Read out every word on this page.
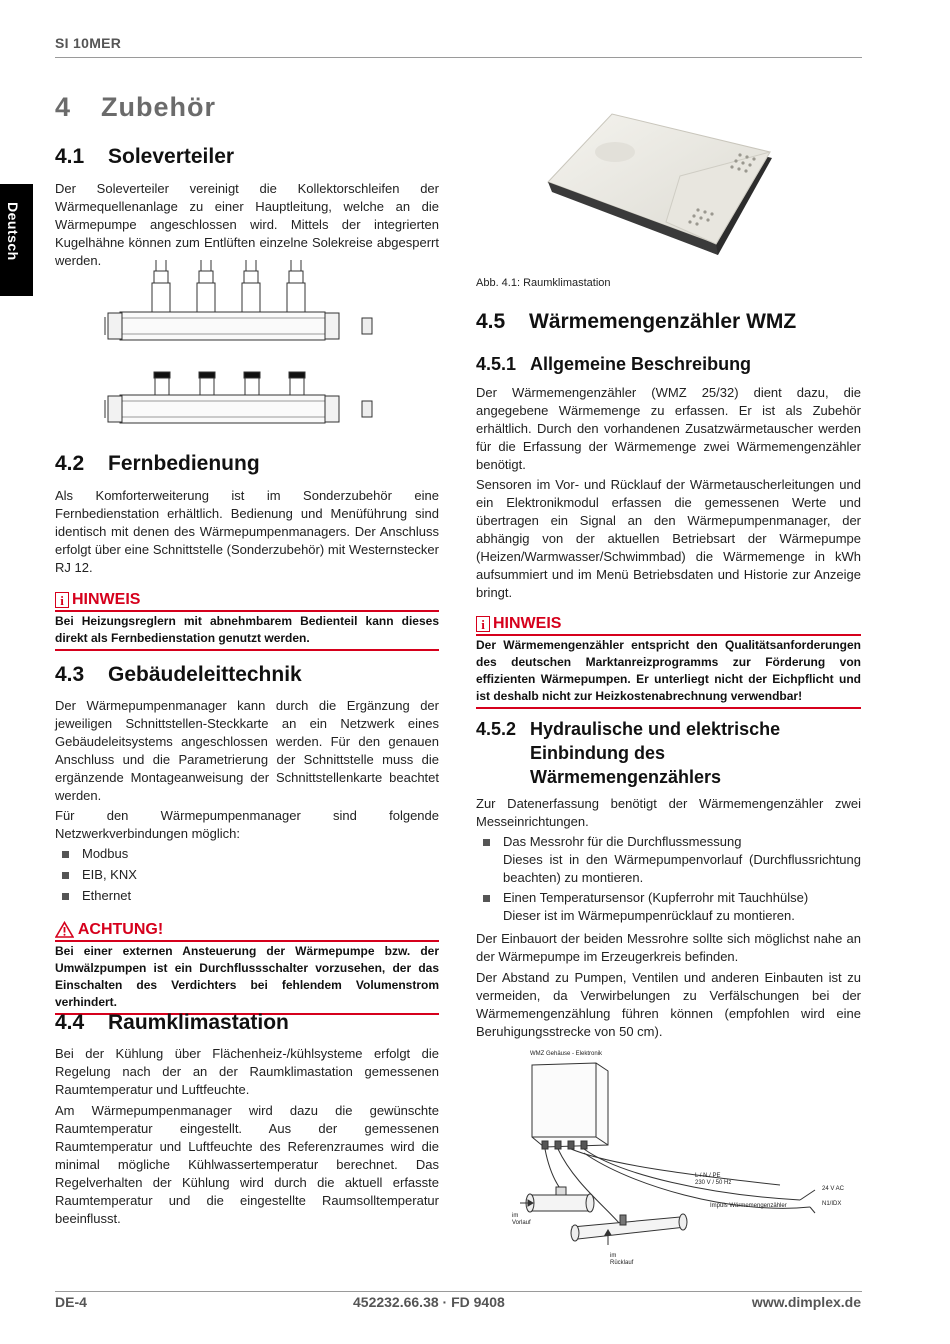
SI 10MER
Deutsch
4 Zubehör
4.1 Soleverteiler
Der Soleverteiler vereinigt die Kollektorschleifen der Wärmequellenanlage zu einer Hauptleitung, welche an die Wärmepumpe angeschlossen wird. Mittels der integrierten Kugelhähne können zum Entlüften einzelne Solekreise abgesperrt werden.
4.2 Fernbedienung
Als Komforterweiterung ist im Sonderzubehör eine Fernbedienstation erhältlich. Bedienung und Menüführung sind identisch mit denen des Wärmepumpenmanagers. Der Anschluss erfolgt über eine Schnittstelle (Sonderzubehör) mit Westernstecker RJ 12.
i HINWEIS
Bei Heizungsreglern mit abnehmbarem Bedienteil kann dieses direkt als Fernbedienstation genutzt werden.
4.3 Gebäudeleittechnik
Der Wärmepumpenmanager kann durch die Ergänzung der jeweiligen Schnittstellen-Steckkarte an ein Netzwerk eines Gebäudeleitsystems angeschlossen werden. Für den genauen Anschluss und die Parametrierung der Schnittstelle muss die ergänzende Montageanweisung der Schnittstellenkarte beachtet werden.
Für den Wärmepumpenmanager sind folgende Netzwerkverbindungen möglich:
Modbus
EIB, KNX
Ethernet
ACHTUNG!
Bei einer externen Ansteuerung der Wärmepumpe bzw. der Umwälzpumpen ist ein Durchflussschalter vorzusehen, der das Einschalten des Verdichters bei fehlendem Volumenstrom verhindert.
4.4 Raumklimastation
Bei der Kühlung über Flächenheiz-/kühlsysteme erfolgt die Regelung nach der an der Raumklimastation gemessenen Raumtemperatur und Luftfeuchte.
Am Wärmepumpenmanager wird dazu die gewünschte Raumtemperatur eingestellt. Aus der gemessenen Raumtemperatur und Luftfeuchte des Referenzraumes wird die minimal mögliche Kühlwassertemperatur berechnet. Das Regelverhalten der Kühlung wird durch die aktuell erfasste Raumtemperatur und die eingestellte Raumsolltemperatur beeinflusst.
Abb. 4.1: Raumklimastation
4.5 Wärmemengenzähler WMZ
4.5.1 Allgemeine Beschreibung
Der Wärmemengenzähler (WMZ 25/32) dient dazu, die angegebene Wärmemenge zu erfassen. Er ist als Zubehör erhältlich. Durch den vorhandenen Zusatzwärmetauscher werden für die Erfassung der Wärmemenge zwei Wärmemengenzähler benötigt.
Sensoren im Vor- und Rücklauf der Wärmetauscherleitungen und ein Elektronikmodul erfassen die gemessenen Werte und übertragen ein Signal an den Wärmepumpenmanager, der abhängig von der aktuellen Betriebsart der Wärmepumpe (Heizen/Warmwasser/Schwimmbad) die Wärmemenge in kWh aufsummiert und im Menü Betriebsdaten und Historie zur Anzeige bringt.
i HINWEIS
Der Wärmemengenzähler entspricht den Qualitätsanforderungen des deutschen Marktanreizprogramms zur Förderung von effizienten Wärmepumpen. Er unterliegt nicht der Eichpflicht und ist deshalb nicht zur Heizkostenabrechnung verwendbar!
4.5.2 Hydraulische und elektrische
Einbindung des
Wärmemengenzählers
Zur Datenerfassung benötigt der Wärmemengenzähler zwei Messeinrichtungen.
Das Messrohr für die Durchflussmessung
Dieses ist in den Wärmepumpenvorlauf (Durchflussrichtung beachten) zu montieren.
Einen Temperatursensor (Kupferrohr mit Tauchhülse)
Dieser ist im Wärmepumpenrücklauf zu montieren.
Der Einbauort der beiden Messrohre sollte sich möglichst nahe an der Wärmepumpe im Erzeugerkreis befinden.
Der Abstand zu Pumpen, Ventilen und anderen Einbauten ist zu vermeiden, da Verwirbelungen zu Verfälschungen bei der Wärmemengenzählung führen können (empfohlen wird eine Beruhigungsstrecke von 50 cm).
WMZ Gehäuse - Elektronik
L / N / PE
230 V / 50 Hz
Impuls Wärmemengenzähler
24 V AC
N1/IDX
im
Vorlauf
im
Rücklauf
DE-4	452232.66.38 · FD 9408	www.dimplex.de
